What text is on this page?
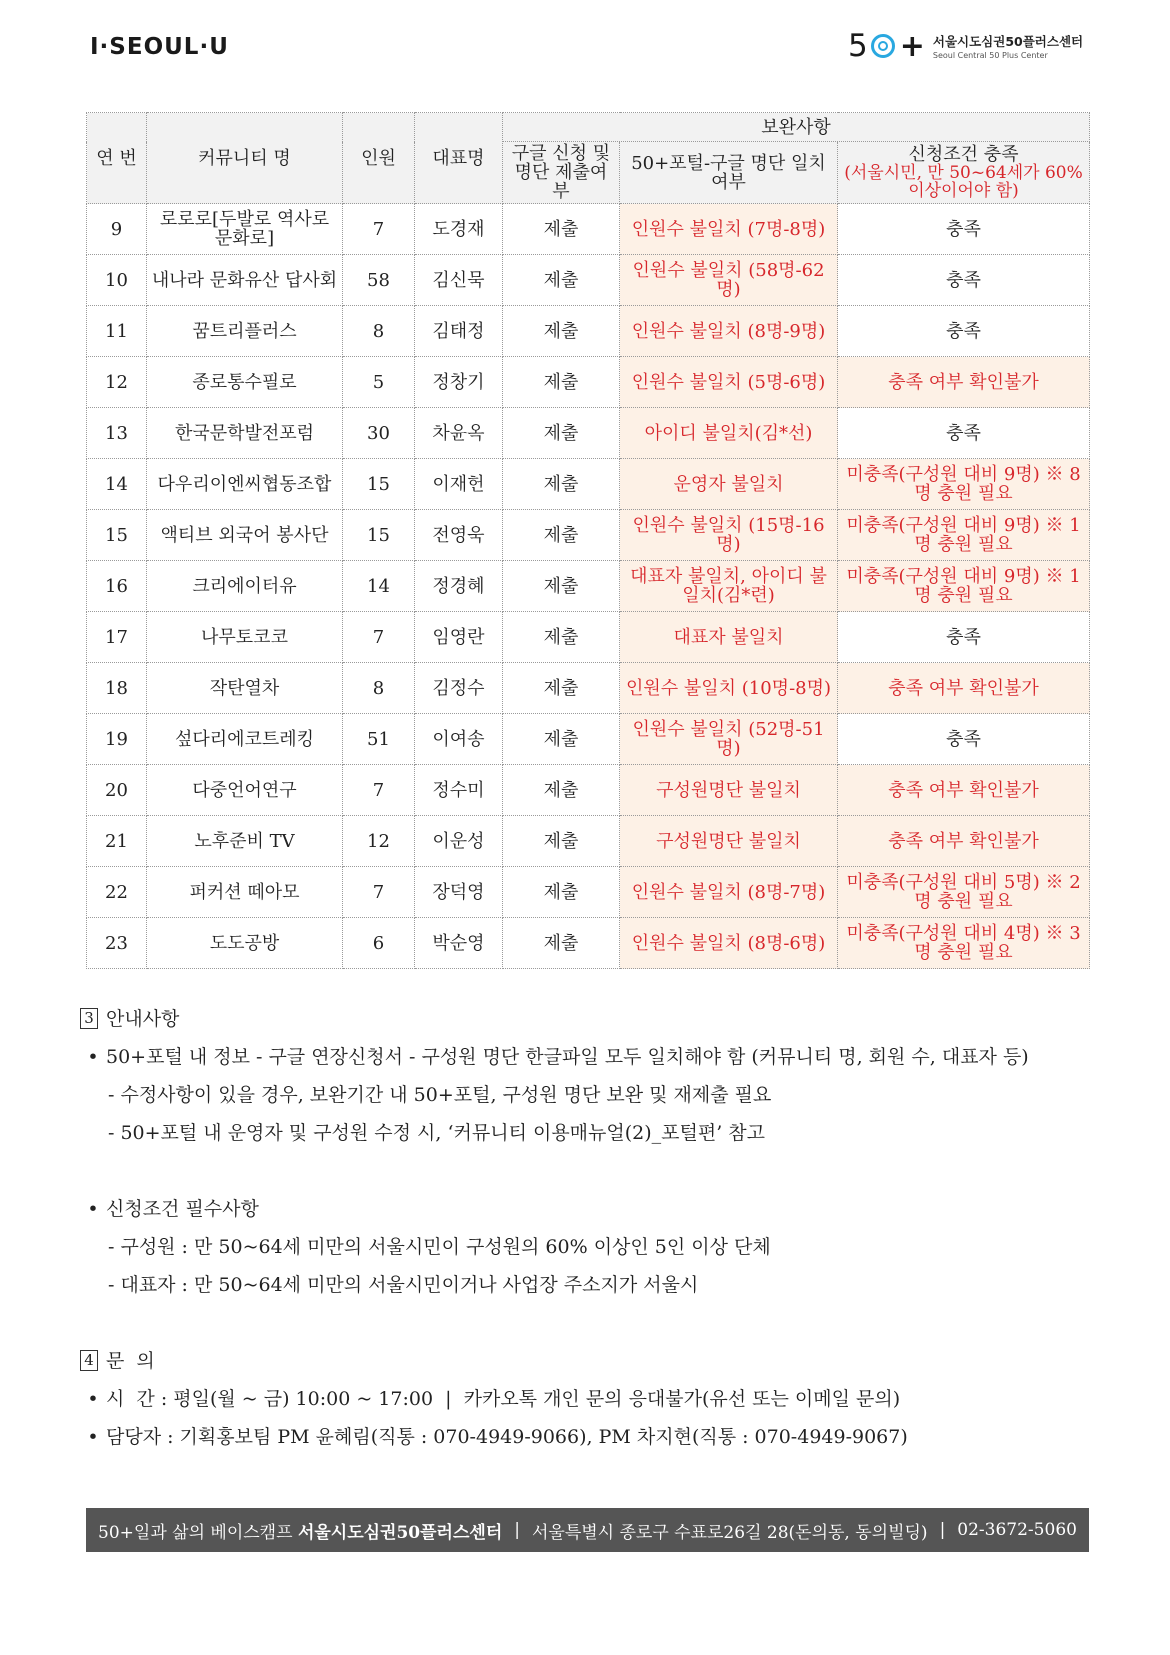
I·SEOUL·U	5 + 서울시도심권50플러스센터
Seoul Central 50 Plus Center
연 번	커뮤니티 명	인원	대표명	보완사항		
				구글 신청 및 명단 제출여부	50+포털-구글 명단 일치여부	신청조건 충족
(서울시민, 만 50~64세가 60% 이상이어야 함)

9	로로로[두발로 역사로 문화로]	7	도경재	제출	인원수 불일치 (7명-8명)	충족
10	내나라 문화유산 답사회	58	김신묵	제출	인원수 불일치 (58명-62명)	충족
11	꿈트리플러스	8	김태정	제출	인원수 불일치 (8명-9명)	충족
12	종로통수필로	5	정창기	제출	인원수 불일치 (5명-6명)	충족 여부 확인불가
13	한국문학발전포럼	30	차윤옥	제출	아이디 불일치(김*선)	충족
14	다우리이엔씨협동조합	15	이재헌	제출	운영자 불일치	미충족(구성원 대비 9명) ※ 8명 충원 필요
15	액티브 외국어 봉사단	15	전영욱	제출	인원수 불일치 (15명-16명)	미충족(구성원 대비 9명) ※ 1명 충원 필요
16	크리에이터유	14	정경혜	제출	대표자 불일치, 아이디 불일치(김*련)	미충족(구성원 대비 9명) ※ 1명 충원 필요
17	나무토코코	7	임영란	제출	대표자 불일치	충족
18	작탄열차	8	김정수	제출	인원수 불일치 (10명-8명)	충족 여부 확인불가
19	섶다리에코트레킹	51	이여송	제출	인원수 불일치 (52명-51명)	충족
20	다중언어연구	7	정수미	제출	구성원명단 불일치	충족 여부 확인불가
21	노후준비 TV	12	이운성	제출	구성원명단 불일치	충족 여부 확인불가
22	퍼커션 떼아모	7	장덕영	제출	인원수 불일치 (8명-7명)	미충족(구성원 대비 5명) ※ 2명 충원 필요
23	도도공방	6	박순영	제출	인원수 불일치 (8명-6명)	미충족(구성원 대비 4명) ※ 3명 충원 필요
3 안내사항
• 50+포털 내 정보 - 구글 연장신청서 - 구성원 명단 한글파일 모두 일치해야 함 (커뮤니티 명, 회원 수, 대표자 등)
- 수정사항이 있을 경우, 보완기간 내 50+포털, 구성원 명단 보완 및 재제출 필요
- 50+포털 내 운영자 및 구성원 수정 시, ‘커뮤니티 이용매뉴얼(2)_포털편’ 참고
• 신청조건 필수사항
- 구성원 : 만 50~64세 미만의 서울시민이 구성원의 60% 이상인 5인 이상 단체
- 대표자 : 만 50~64세 미만의 서울시민이거나 사업장 주소지가 서울시
4 문  의
• 시  간 : 평일(월 ~ 금) 10:00 ~ 17:00  |  카카오톡 개인 문의 응대불가(유선 또는 이메일 문의)
• 담당자 : 기획홍보팀 PM 윤혜림(직통 : 070-4949-9066), PM 차지현(직통 : 070-4949-9067)
50+일과 삶의 베이스캠프
서울시도심권50플러스센터 | 서울특별시 종로구 수표로26길 28(돈의동, 동의빌딩) | 02-3672-5060
